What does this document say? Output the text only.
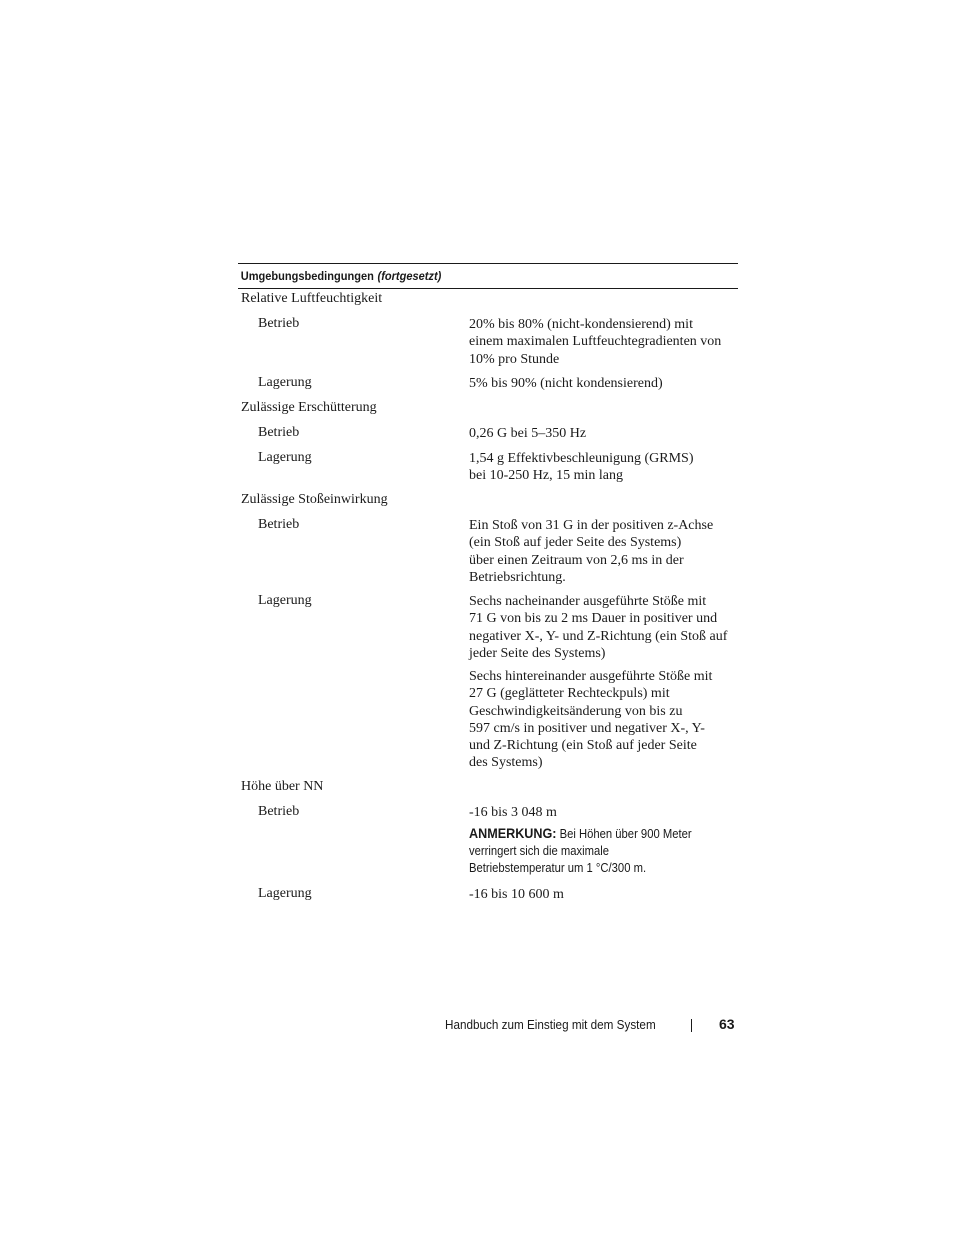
Umgebungsbedingungen (fortgesetzt)
Relative Luftfeuchtigkeit
Betrieb	20% bis 80% (nicht-kondensierend) mit
einem maximalen Luftfeuchtegradienten von
10% pro Stunde
Lagerung	5% bis 90% (nicht kondensierend)
Zulässige Erschütterung
Betrieb	0,26 G bei 5–350 Hz
Lagerung	1,54 g Effektivbeschleunigung (GRMS)
bei 10-250 Hz, 15 min lang
Zulässige Stoßeinwirkung
Betrieb	Ein Stoß von 31 G in der positiven z-Achse
(ein Stoß auf jeder Seite des Systems)
über einen Zeitraum von 2,6 ms in der
Betriebsrichtung.
Lagerung	Sechs nacheinander ausgeführte Stöße mit
71 G von bis zu 2 ms Dauer in positiver und
negativer X-, Y- und Z-Richtung (ein Stoß auf
jeder Seite des Systems)
Sechs hintereinander ausgeführte Stöße mit
27 G (geglätteter Rechteckpuls) mit
Geschwindigkeitsänderung von bis zu
597 cm/s in positiver und negativer X-, Y-
und Z-Richtung (ein Stoß auf jeder Seite
des Systems)
Höhe über NN
Betrieb	-16 bis 3 048 m
ANMERKUNG: Bei Höhen über 900 Meter
verringert sich die maximale
Betriebstemperatur um 1 °C/300 m.
Lagerung	-16 bis 10 600 m
Handbuch zum Einstieg mit dem System	63
